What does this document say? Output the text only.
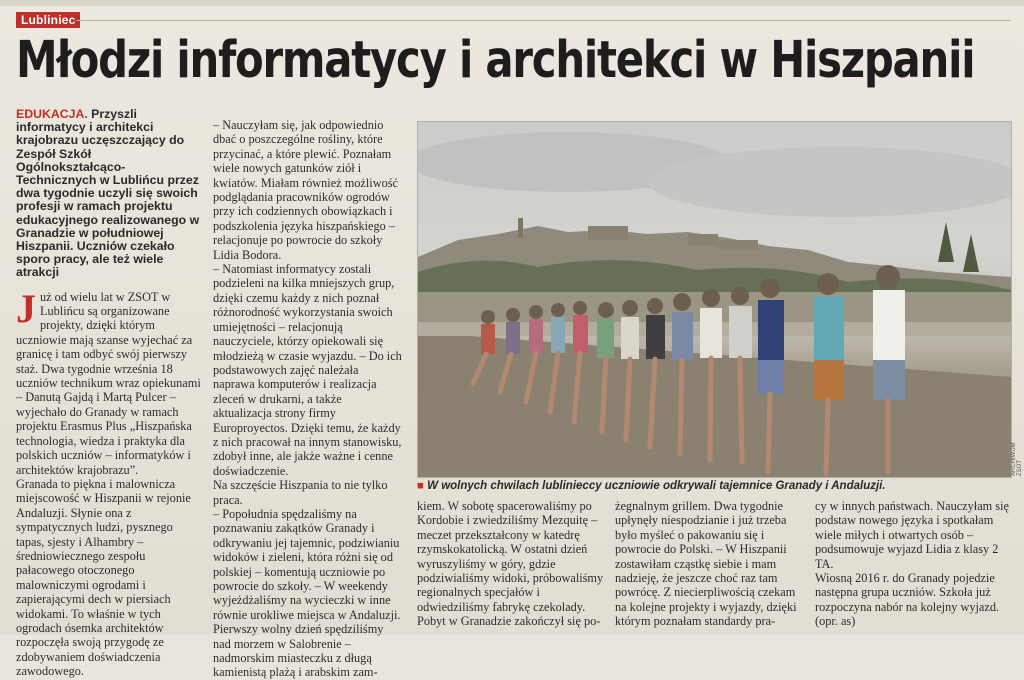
Lubliniec
Młodzi informatycy i architekci w Hiszpanii

EDUKACJA. Przyszli informatycy i architekci krajobrazu uczęszczający do Zespół Szkół Ogólnokształcąco-Technicznych w Lublińcu przez dwa tygodnie uczyli się swoich profesji w ramach projektu edukacyjnego realizowanego w Granadzie w południowej Hiszpanii. Uczniów czekało sporo pracy, ale też wiele atrakcji

Już od wielu lat w ZSOT w Lublińcu są organizowane projekty, dzięki którym uczniowie mają szanse wyjechać za granicę i tam odbyć swój pierwszy staż. Dwa tygodnie września 18 uczniów technikum wraz opiekunami – Danutą Gajdą i Martą Pulcer – wyjechało do Granady w ramach projektu Erasmus Plus „Hiszpańska technologia, wiedza i praktyka dla polskich uczniów – informatyków i architektów krajobrazu”.

Granada to piękna i malownicza miejscowość w Hiszpanii w rejonie Andaluzji. Słynie ona z sympatycznych ludzi, pysznego tapas, sjesty i Alhambry – średniowiecznego zespołu pałacowego otoczonego malowniczymi ogrodami i zapierającymi dech w piersiach widokami. To właśnie w tych ogrodach ósemka architektów rozpoczęła swoją przygodę ze zdobywaniem doświadczenia zawodowego.

– Nauczyłam się, jak odpowiednio dbać o poszczególne rośliny, które przycinać, a które plewić. Poznałam wiele nowych gatunków ziół i kwiatów. Miałam również możliwość podglądania pracowników ogrodów przy ich codziennych obowiązkach i podszkolenia języka hiszpańskiego – relacjonuje po powrocie do szkoły Lidia Bodora.

– Natomiast informatycy zostali podzieleni na kilka mniejszych grup, dzięki czemu każdy z nich poznał różnorodność wykorzystania swoich umiejętności – relacjonują nauczyciele, którzy opiekowali się młodzieżą w czasie wyjazdu. – Do ich podstawowych zajęć należała naprawa komputerów i realizacja zleceń w drukarni, a także aktualizacja strony firmy Europroyectos. Dzięki temu, że każdy z nich pracował na innym stanowisku, zdobył inne, ale jakże ważne i cenne doświadczenie.

Na szczęście Hiszpania to nie tylko praca.

– Popołudnia spędzaliśmy na poznawaniu zakątków Granady i odkrywaniu jej tajemnic, podziwianiu widoków i zieleni, która różni się od polskiej – komentują uczniowie po powrocie do szkoły. – W weekendy wyjeżdżaliśmy na wycieczki w inne równie urokliwe miejsca w Andaluzji. Pierwszy wolny dzień spędziliśmy nad morzem w Salobrenie – nadmorskim miasteczku z długą kamienistą plażą i arabskim zam-

ARCHIWUM ZSOT
■ W wolnych chwilach lublinieccy uczniowie odkrywali tajemnice Granady i Andaluzji.

kiem. W sobotę spacerowaliśmy po Kordobie i zwiedziliśmy Mezquitę – meczet przekształcony w katedrę rzymskokatolicką. W ostatni dzień wyruszyliśmy w góry, gdzie podziwialiśmy widoki, próbowaliśmy regionalnych specjałów i odwiedziliśmy fabrykę czekolady. Pobyt w Granadzie zakończył się po-

żegnalnym grillem. Dwa tygodnie upłynęły niespodzianie i już trzeba było myśleć o pakowaniu się i powrocie do Polski. – W Hiszpanii zostawiłam cząstkę siebie i mam nadzieję, że jeszcze choć raz tam powrócę. Z niecierpliwością czekam na kolejne projekty i wyjazdy, dzięki którym poznałam standardy pra-

cy w innych państwach. Nauczyłam się podstaw nowego języka i spotkałam wiele miłych i otwartych osób – podsumowuje wyjazd Lidia z klasy 2 TA.

Wiosną 2016 r. do Granady pojedzie następna grupa uczniów. Szkoła już rozpoczyna nabór na kolejny wyjazd. (opr. as)
